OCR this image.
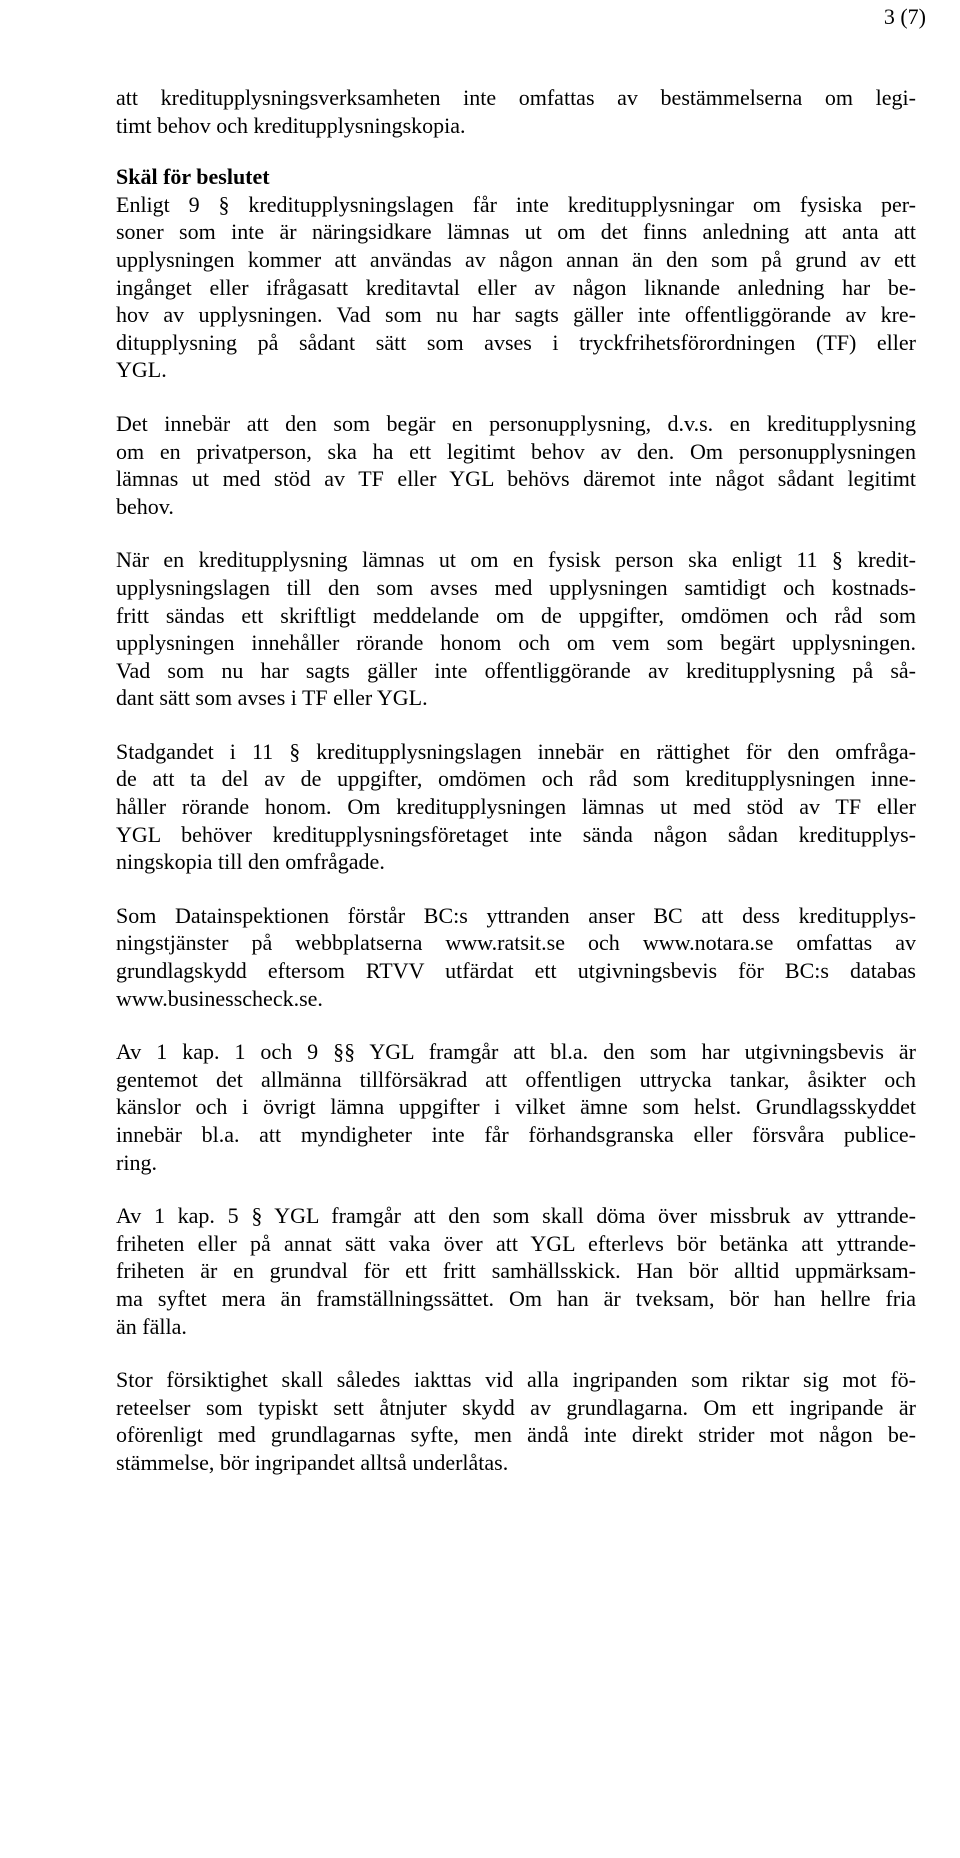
3 (7)
att kreditupplysningsverksamheten inte omfattas av bestämmelserna om legi-
timt behov och kreditupplysningskopia.
Skäl för beslutet
Enligt 9 § kreditupplysningslagen får inte kreditupplysningar om fysiska per-
soner som inte är näringsidkare lämnas ut om det finns anledning att anta att
upplysningen kommer att användas av någon annan än den som på grund av ett
ingånget eller ifrågasatt kreditavtal eller av någon liknande anledning har be-
hov av upplysningen. Vad som nu har sagts gäller inte offentliggörande av kre-
ditupplysning på sådant sätt som avses i tryckfrihetsförordningen (TF) eller
YGL.
Det innebär att den som begär en personupplysning, d.v.s. en kreditupplysning
om en privatperson, ska ha ett legitimt behov av den. Om personupplysningen
lämnas ut med stöd av TF eller YGL behövs däremot inte något sådant legitimt
behov.
När en kreditupplysning lämnas ut om en fysisk person ska enligt 11 § kredit-
upplysningslagen till den som avses med upplysningen samtidigt och kostnads-
fritt sändas ett skriftligt meddelande om de uppgifter, omdömen och råd som
upplysningen innehåller rörande honom och om vem som begärt upplysningen.
Vad som nu har sagts gäller inte offentliggörande av kreditupplysning på så-
dant sätt som avses i TF eller YGL.
Stadgandet i 11 § kreditupplysningslagen innebär en rättighet för den omfråga-
de att ta del av de uppgifter, omdömen och råd som kreditupplysningen inne-
håller rörande honom. Om kreditupplysningen lämnas ut med stöd av TF eller
YGL behöver kreditupplysningsföretaget inte sända någon sådan kreditupplys-
ningskopia till den omfrågade.
Som Datainspektionen förstår BC:s yttranden anser BC att dess kreditupplys-
ningstjänster på webbplatserna www.ratsit.se och www.notara.se omfattas av
grundlagskydd eftersom RTVV utfärdat ett utgivningsbevis för BC:s databas
www.businesscheck.se.
Av 1 kap. 1 och 9 §§ YGL framgår att bl.a. den som har utgivningsbevis är
gentemot det allmänna tillförsäkrad att offentligen uttrycka tankar, åsikter och
känslor och i övrigt lämna uppgifter i vilket ämne som helst. Grundlagsskyddet
innebär bl.a. att myndigheter inte får förhandsgranska eller försvåra publice-
ring.
Av 1 kap. 5 § YGL framgår att den som skall döma över missbruk av yttrande-
friheten eller på annat sätt vaka över att YGL efterlevs bör betänka att yttrande-
friheten är en grundval för ett fritt samhällsskick. Han bör alltid uppmärksam-
ma syftet mera än framställningssättet. Om han är tveksam, bör han hellre fria
än fälla.
Stor försiktighet skall således iakttas vid alla ingripanden som riktar sig mot fö-
reteelser som typiskt sett åtnjuter skydd av grundlagarna. Om ett ingripande är
oförenligt med grundlagarnas syfte, men ändå inte direkt strider mot någon be-
stämmelse, bör ingripandet alltså underlåtas.
